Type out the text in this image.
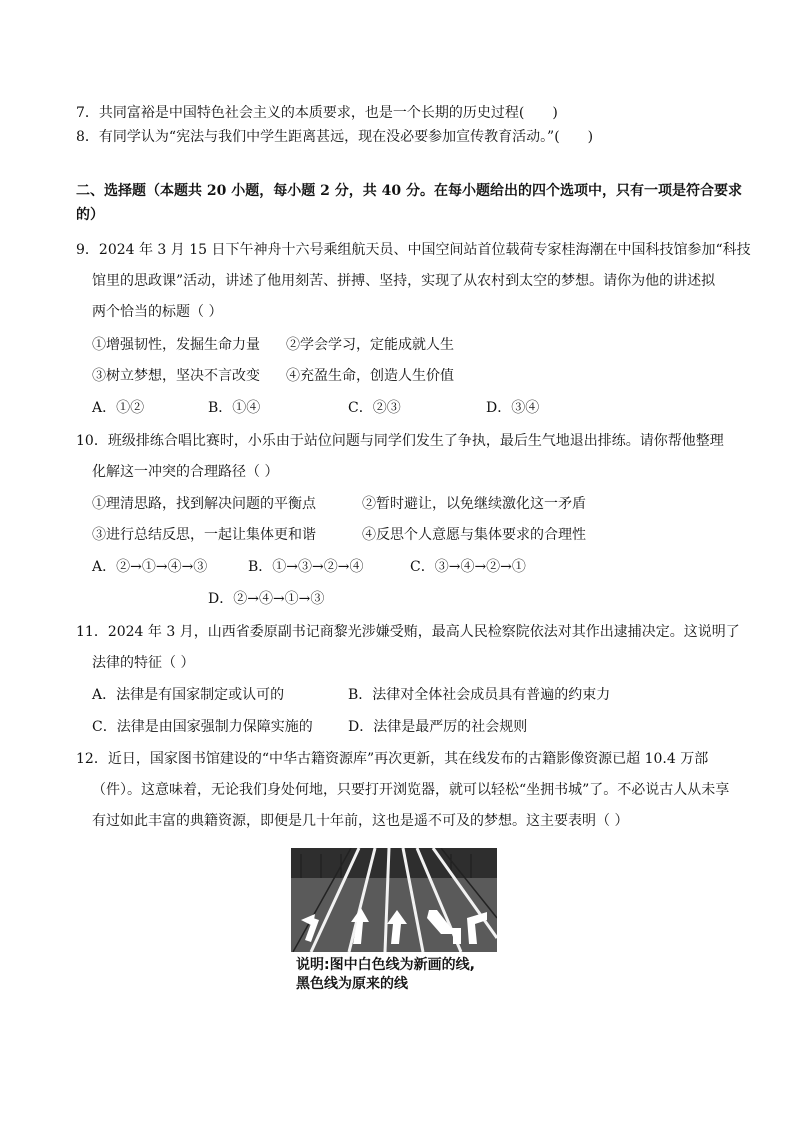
7．共同富裕是中国特色社会主义的本质要求，也是一个长期的历史过程(　　)
8．有同学认为“宪法与我们中学生距离甚远，现在没必要参加宣传教育活动。”(　　)
二、选择题（本题共 20 小题，每小题 2 分，共 40 分。在每小题给出的四个选项中，只有一项是符合要求
的）
9．2024 年 3 月 15 日下午神舟十六号乘组航天员、中国空间站首位载荷专家桂海潮在中国科技馆参加“科技
馆里的思政课”活动，讲述了他用刻苦、拼搏、坚持，实现了从农村到太空的梦想。请你为他的讲述拟
两个恰当的标题（ ）
①增强韧性，发掘生命力量 ②学会学习，定能成就人生
③树立梦想，坚决不言改变 ④充盈生命，创造人生价值
A．①②	B．①④	C．②③	D．③④
10．班级排练合唱比赛时，小乐由于站位问题与同学们发生了争执，最后生气地退出排练。请你帮他整理
化解这一冲突的合理路径（ ）
①理清思路，找到解决问题的平衡点	②暂时避让，以免继续激化这一矛盾
③进行总结反思，一起让集体更和谐	④反思个人意愿与集体要求的合理性
A．②→①→④→③	B．①→③→②→④	C．③→④→②→①
D．②→④→①→③
11．2024 年 3 月，山西省委原副书记商黎光涉嫌受贿，最高人民检察院依法对其作出逮捕决定。这说明了
法律的特征（ ）
A．法律是有国家制定或认可的	B．法律对全体社会成员具有普遍的约束力
C．法律是由国家强制力保障实施的	D．法律是最严厉的社会规则
12．近日，国家图书馆建设的“中华古籍资源库”再次更新，其在线发布的古籍影像资源已超 10.4 万部
（件）。这意味着，无论我们身处何地，只要打开浏览器，就可以轻松“坐拥书城”了。不必说古人从未享
有过如此丰富的典籍资源，即便是几十年前，这也是遥不可及的梦想。这主要表明（ ）
说明:图中白色线为新画的线,
黑色线为原来的线
